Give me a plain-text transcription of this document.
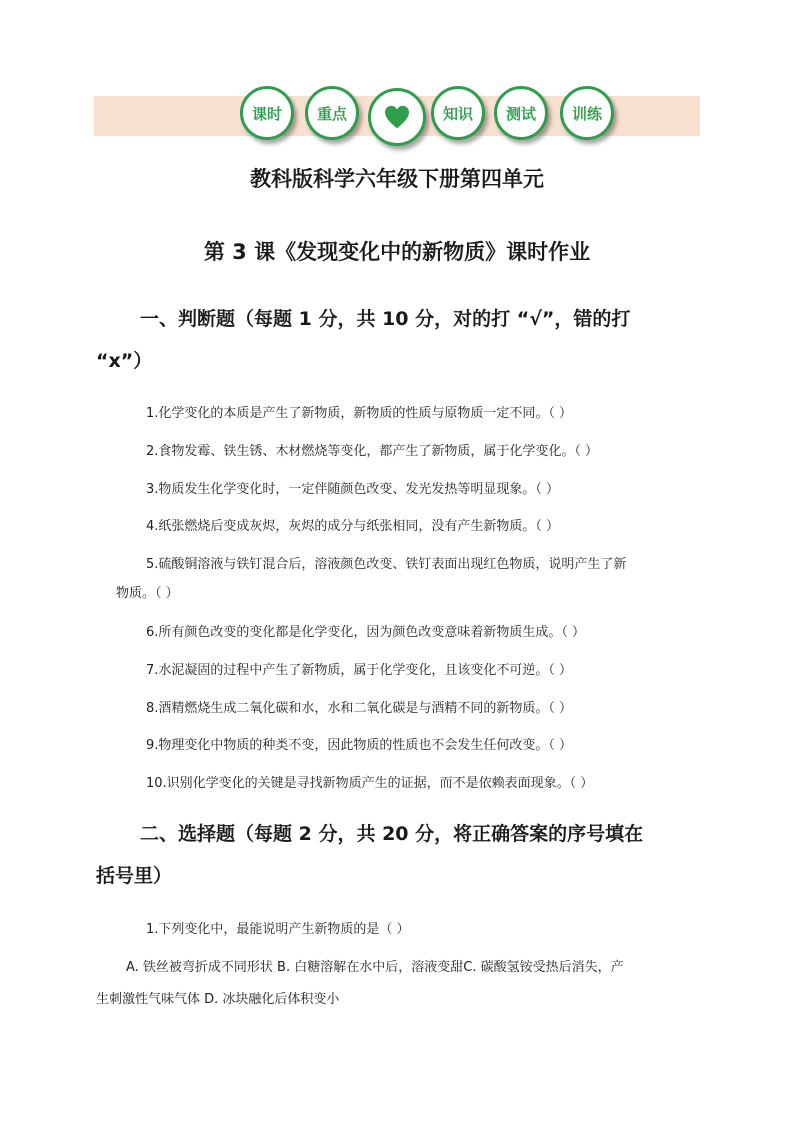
课时 重点	知识 测试 训练
教科版科学六年级下册第四单元
第 3 课《发现变化中的新物质》课时作业
一、判断题（每题 1 分，共 10 分，对的打 “√”，错的打
“x”）
1.化学变化的本质是产生了新物质，新物质的性质与原物质一定不同。（ ）
2.食物发霉、铁生锈、木材燃烧等变化，都产生了新物质，属于化学变化。（ ）
3.物质发生化学变化时，一定伴随颜色改变、发光发热等明显现象。（ ）
4.纸张燃烧后变成灰烬，灰烬的成分与纸张相同，没有产生新物质。（ ）
5.硫酸铜溶液与铁钉混合后，溶液颜色改变、铁钉表面出现红色物质，说明产生了新
物质。（ ）
6.所有颜色改变的变化都是化学变化，因为颜色改变意味着新物质生成。（ ）
7.水泥凝固的过程中产生了新物质，属于化学变化，且该变化不可逆。（ ）
8.酒精燃烧生成二氧化碳和水，水和二氧化碳是与酒精不同的新物质。（ ）
9.物理变化中物质的种类不变，因此物质的性质也不会发生任何改变。（ ）
10.识别化学变化的关键是寻找新物质产生的证据，而不是依赖表面现象。（ ）
二、选择题（每题 2 分，共 20 分，将正确答案的序号填在
括号里）
1.下列变化中，最能说明产生新物质的是（ ）
A. 铁丝被弯折成不同形状 B. 白糖溶解在水中后，溶液变甜C. 碳酸氢铵受热后消失，产
生刺激性气味气体 D. 冰块融化后体积变小
